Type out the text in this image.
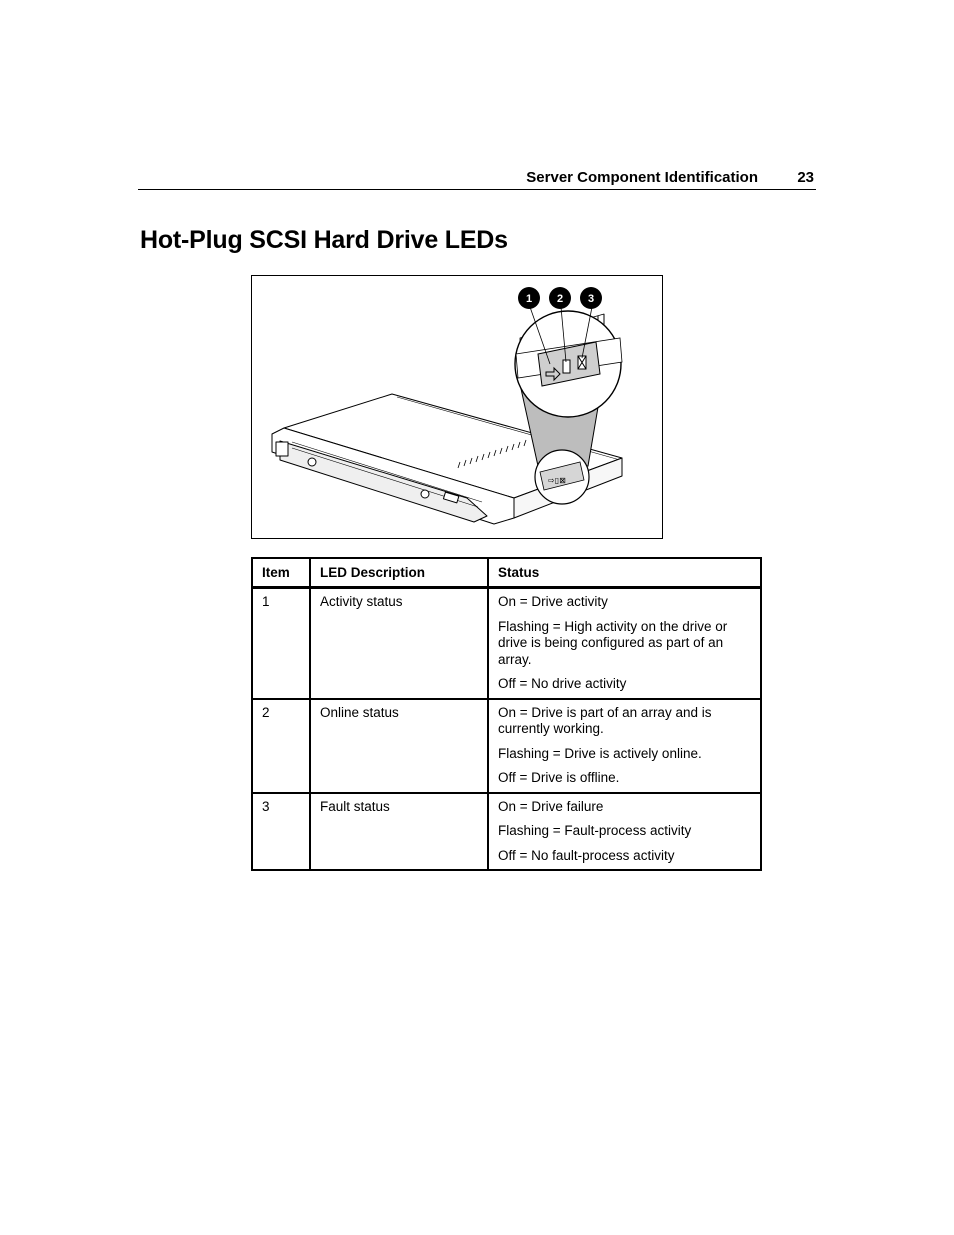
Server Component Identification	23
Hot-Plug SCSI Hard Drive LEDs
⇨▯⊠
1 2 3
Item	LED Description	Status
1	Activity status	On = Drive activity

Flashing = High activity on the drive or drive is being configured as part of an array.

Off = No drive activity

2	Online status	On = Drive is part of an array and is currently working.

Flashing = Drive is actively online.

Off = Drive is offline.

3	Fault status	On = Drive failure

Flashing = Fault-process activity

Off = No fault-process activity
